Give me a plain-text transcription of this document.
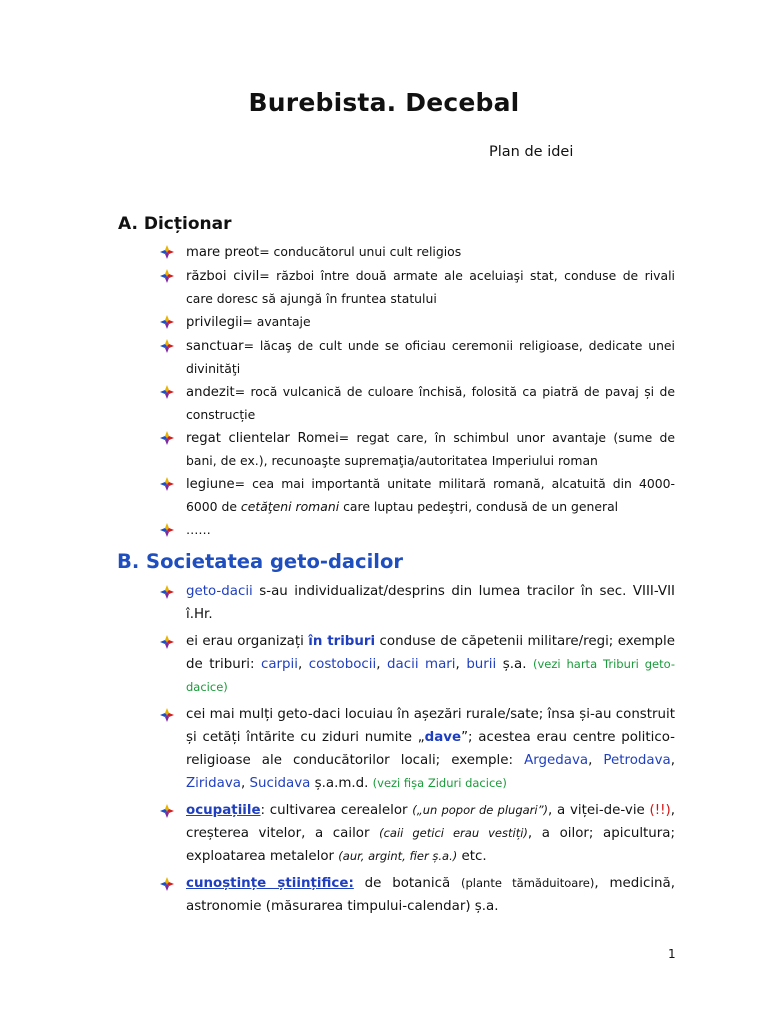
Burebista. Decebal
Plan de idei
A. Dicționar
mare preot= conducătorul unui cult religios
război civil= război între două armate ale aceluiaşi stat, conduse de rivali care doresc să ajungă în fruntea statului
privilegii= avantaje
sanctuar= lăcaş de cult unde se oficiau ceremonii religioase, dedicate unei divinităţi
andezit= rocă vulcanică de culoare închisă, folosită ca piatră de pavaj și de construcție
regat clientelar Romei= regat care, în schimbul unor avantaje (sume de bani, de ex.), recunoaşte supremaţia/autoritatea Imperiului roman
legiune= cea mai importantă unitate militară romană, alcatuită din 4000-6000 de cetăţeni romani care luptau pedeştri, condusă de un general
……
B. Societatea geto-dacilor
geto-dacii s-au individualizat/desprins din lumea tracilor în sec. VIII-VII î.Hr.
ei erau organizați în triburi conduse de căpetenii militare/regi; exemple de triburi: carpii, costobocii, dacii mari, burii ș.a. (vezi harta Triburi geto-dacice)
cei mai mulți geto-daci locuiau în așezări rurale/sate; însa și-au construit și cetăți întărite cu ziduri numite „dave”; acestea erau centre politico-religioase ale conducătorilor locali; exemple: Argedava, Petrodava, Ziridava, Sucidava ș.a.m.d. (vezi fișa Ziduri dacice)
ocupațiile: cultivarea cerealelor („un popor de plugari”), a viței-de-vie (!!), creșterea vitelor, a cailor (caii getici erau vestiți), a oilor; apicultura; exploatarea metalelor (aur, argint, fier ș.a.) etc.
cunoștințe științifice: de botanică (plante tămăduitoare), medicină, astronomie (măsurarea timpului-calendar) ș.a.
1
